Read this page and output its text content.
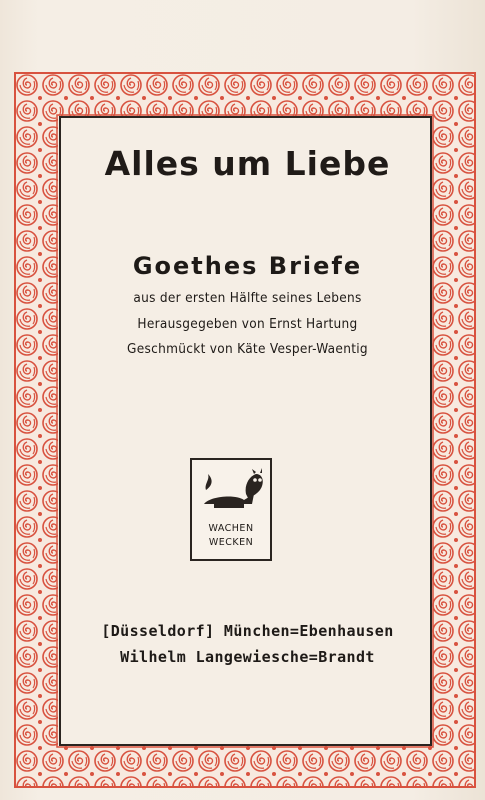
Alles um Liebe
Goethes Briefe
aus der ersten Hälfte seines Lebens
Herausgegeben von Ernst Hartung
Geschmückt von Käte Vesper-Waentig
WACHEN
WECKEN
[Düsseldorf] München=Ebenhausen
Wilhelm Langewiesche=Brandt
